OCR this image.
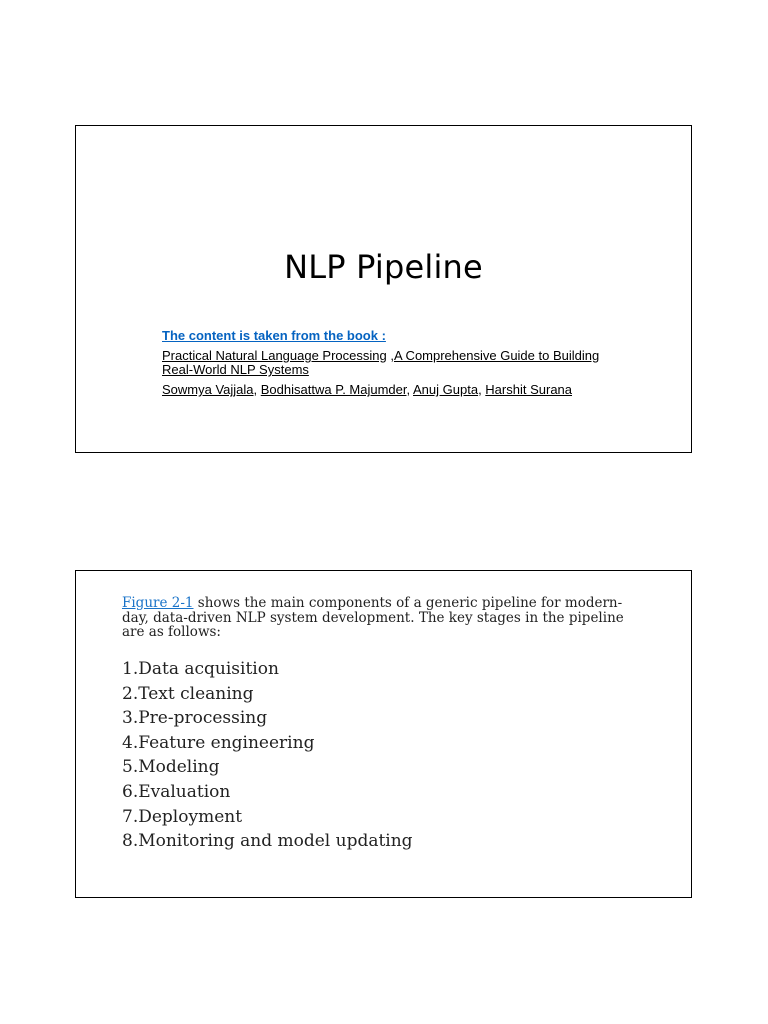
NLP Pipeline
The content is taken from the book :
Practical Natural Language Processing ,A Comprehensive Guide to Building Real-World NLP Systems
Sowmya Vajjala, Bodhisattwa P. Majumder, Anuj Gupta, Harshit Surana
Figure 2-1 shows the main components of a generic pipeline for modern-day, data-driven NLP system development. The key stages in the pipeline are as follows:
1.Data acquisition
2.Text cleaning
3.Pre-processing
4.Feature engineering
5.Modeling
6.Evaluation
7.Deployment
8.Monitoring and model updating
